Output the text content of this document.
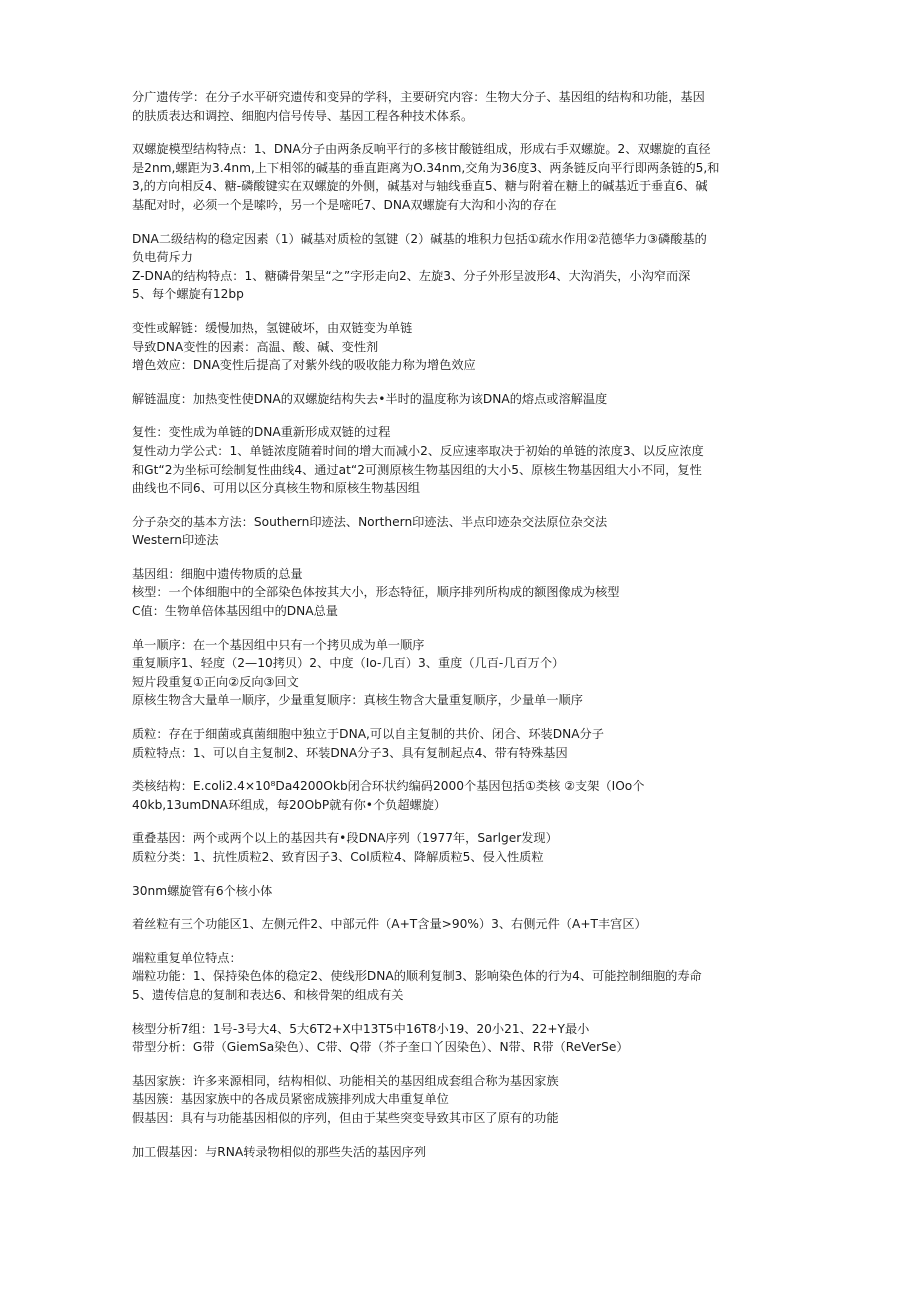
分广遗传学：在分子水平研究遗传和变异的学科，主要研究内容：生物大分子、基因组的结构和功能，基因
的肤质表达和调控、细胞内信号传导、基因工程各种技术体系。
双螺旋模型结构特点：1、DNA分子由两条反响平行的多核甘酸链组成，形成右手双螺旋。2、双螺旋的直径
是2nm,螺距为3.4nm,上下相邻的碱基的垂直距离为O.34nm,交角为36度3、两条链反向平行即两条链的5,和
3,的方向相反4、糖-磷酸键实在双螺旋的外侧，碱基对与轴线垂直5、糖与附着在糖上的碱基近于垂直6、碱
基配对时，必须一个是嗦吟，另一个是嘧吒7、DNA双螺旋有大沟和小沟的存在
DNA二级结构的稳定因素（1）碱基对质检的氢键（2）碱基的堆积力包括①疏水作用②范德华力③磷酸基的
负电荷斥力
Z-DNA的结构特点：1、糖磷骨架呈“之”字形走向2、左旋3、分子外形呈波形4、大沟消失，小沟窄而深
5、每个螺旋有12bp
变性或解链：缓慢加热，氢键破坏，由双链变为单链
导致DNA变性的因素：高温、酸、碱、变性剂
增色效应：DNA变性后提高了对紫外线的吸收能力称为增色效应
解链温度：加热变性使DNA的双螺旋结构失去•半时的温度称为该DNA的熔点或溶解温度
复性：变性成为单链的DNA重新形成双链的过程
复性动力学公式：1、单链浓度随着时间的增大而减小2、反应速率取决于初始的单链的浓度3、以反应浓度
和Gt“2为坐标可绘制复性曲线4、通过at“2可测原核生物基因组的大小5、原核生物基因组大小不同，复性
曲线也不同6、可用以区分真核生物和原核生物基因组
分子杂交的基本方法：Southern印迹法、Northern印迹法、半点印迹杂交法原位杂交法
Western印迹法
基因组：细胞中遗传物质的总量
核型：一个体细胞中的全部染色体按其大小，形态特征，顺序排列所构成的额图像成为核型
C值：生物单倍体基因组中的DNA总量
单一顺序：在一个基因组中只有一个拷贝成为单一顺序
重复顺序1、轻度（2—10拷贝）2、中度（Io-几百）3、重度（几百-几百万个）
短片段重复①正向②反向③回文
原核生物含大量单一顺序，少量重复顺序：真核生物含大量重复顺序，少量单一顺序
质粒：存在于细菌或真菌细胞中独立于DNA,可以自主复制的共价、闭合、环装DNA分子
质粒特点：1、可以自主复制2、环装DNA分子3、具有复制起点4、带有特殊基因
类核结构：E.coli2.4×10⁸Da4200Okb闭合环状约编码2000个基因包括①类核 ②支架（IOo个
40kb,13umDNA环组成，每20ObP就有你•个负超螺旋）
重叠基因：两个或两个以上的基因共有•段DNA序列（1977年，Sarlger发现）
质粒分类：1、抗性质粒2、致育因子3、Col质粒4、降解质粒5、侵入性质粒
30nm螺旋管有6个核小体
着丝粒有三个功能区1、左侧元件2、中部元件（A+T含量>90%）3、右侧元件（A+T丰宫区）
端粒重复单位特点：
端粒功能：1、保持染色体的稳定2、使线形DNA的顺利复制3、影响染色体的行为4、可能控制细胞的寿命
5、遗传信息的复制和表达6、和核骨架的组成有关
核型分析7组：1号-3号大4、5大6T2+X中13T5中16T8小19、20小21、22+Y最小
带型分析：G带（GiemSa染色）、C带、Q带（芥子奎口丫因染色）、N带、R带（ReVerSe）
基因家族：许多来源相同，结构相似、功能相关的基因组成套组合称为基因家族
基因簇：基因家族中的各成员紧密成簇排列成大串重复单位
假基因：具有与功能基因相似的序列，但由于某些突变导致其市区了原有的功能
加工假基因：与RNA转录物相似的那些失活的基因序列
